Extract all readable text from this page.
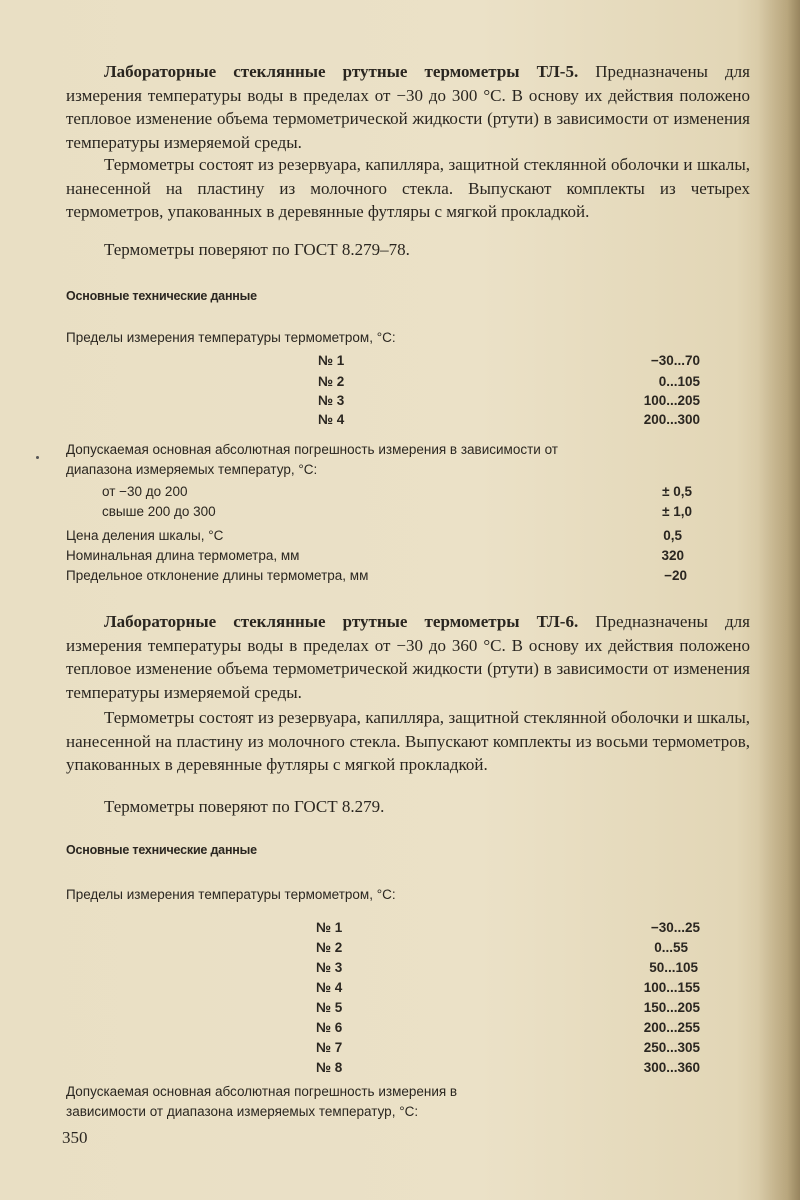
Лабораторные стеклянные ртутные термометры ТЛ-5. Предназначены для измерения температуры воды в пределах от −30 до 300 °С. В основу их действия положено тепловое изменение объема термометрической жидкости (ртути) в зависимости от изменения температуры измеряемой среды.

Термометры состоят из резервуара, капилляра, защитной стеклянной оболочки и шкалы, нанесенной на пластину из молочного стекла. Выпускают комплекты из четырех термометров, упакованных в деревянные футляры с мягкой прокладкой.

Термометры поверяют по ГОСТ 8.279–78.

Основные технические данные
Пределы измерения температуры термометром, °С:
№ 1	−30...70
№ 2	0...105
№ 3	100...205
№ 4	200...300

Допускаемая основная абсолютная погрешность измерения в зависимости от диапазона измеряемых температур, °С:

от −30 до 200	± 0,5
свыше 200 до 300	± 1,0
Цена деления шкалы, °С	0,5
Номинальная длина термометра, мм	320
Предельное отклонение длины термометра, мм	−20

Лабораторные стеклянные ртутные термометры ТЛ-6. Предназначены для измерения температуры воды в пределах от −30 до 360 °С. В основу их действия положено тепловое изменение объема термометрической жидкости (ртути) в зависимости от изменения температуры измеряемой среды.

Термометры состоят из резервуара, капилляра, защитной стеклянной оболочки и шкалы, нанесенной на пластину из молочного стекла. Выпускают комплекты из восьми термометров, упакованных в деревянные футляры с мягкой прокладкой.

Термометры поверяют по ГОСТ 8.279.

Основные технические данные
Пределы измерения температуры термометром, °С:
№ 1	−30...25
№ 2	0...55
№ 3	50...105
№ 4	100...155
№ 5	150...205
№ 6	200...255
№ 7	250...305
№ 8	300...360

Допускаемая основная абсолютная погрешность измерения в зависимости от диапазона измеряемых температур, °С:

350
